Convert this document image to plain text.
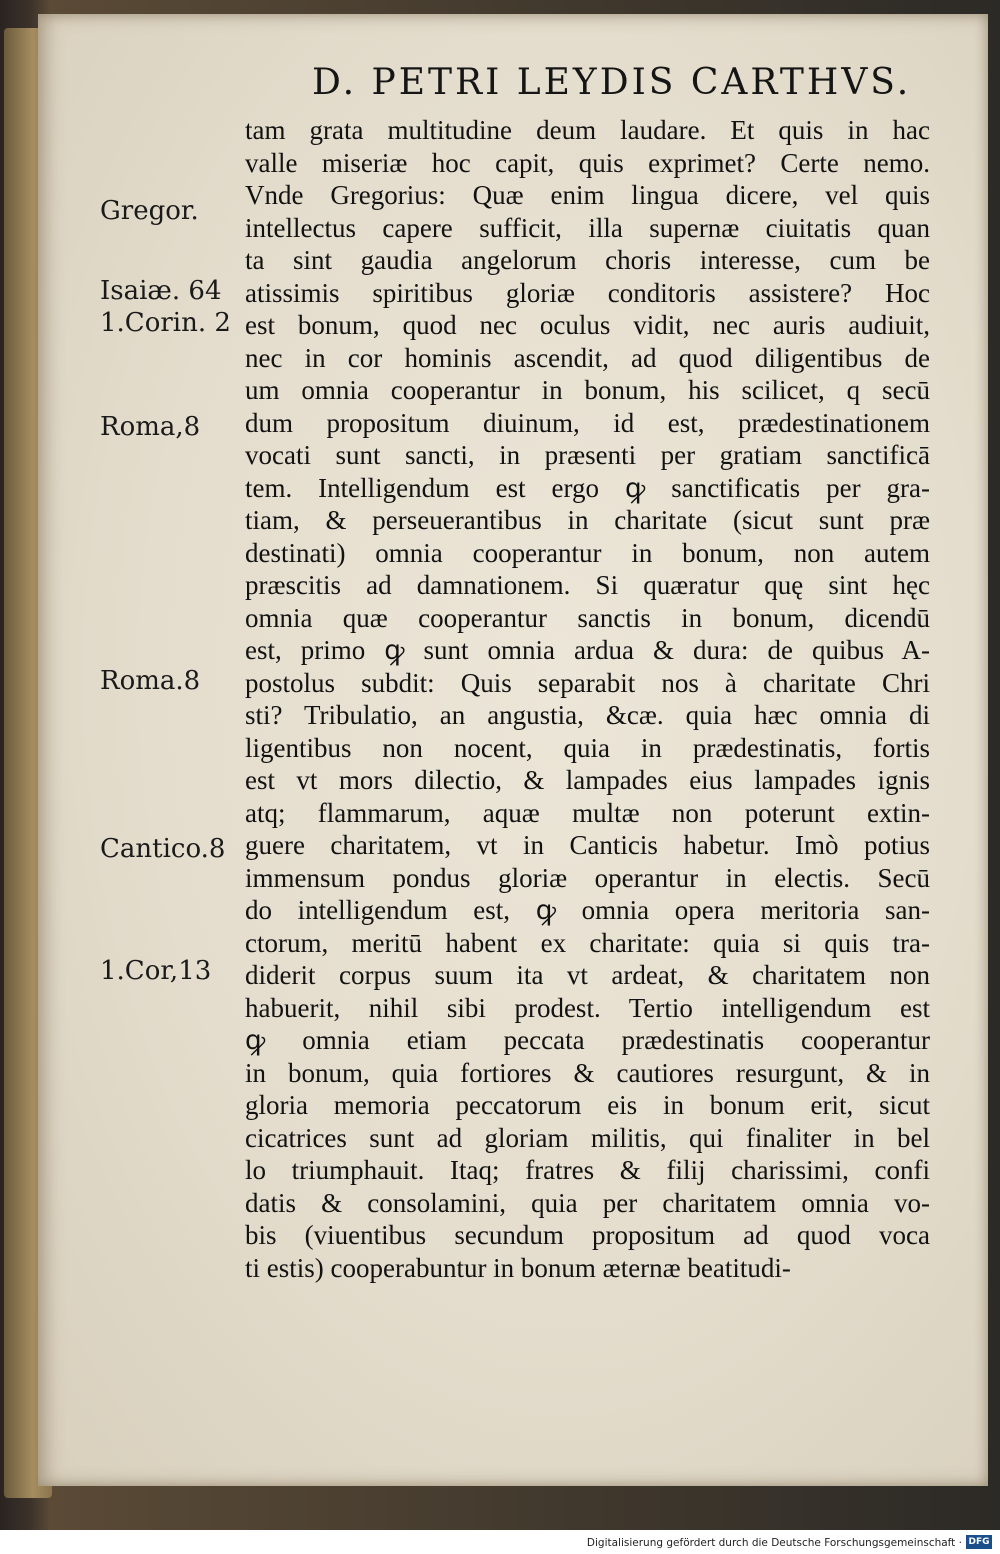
D. PETRI LEYDIS CARTHVS.
Gregor.
Isaiæ. 64
1.Corin. 2
Roma,8
Roma.8
Cantico.8
1.Cor,13
tam grata multitudine deum laudare. Et quis in hac
valle miseriæ hoc capit, quis exprimet? Certe nemo.
Vnde Gregorius: Quæ enim lingua dicere, vel quis
intellectus capere sufficit, illa supernæ ciuitatis quan
ta sint gaudia angelorum choris interesse, cum be
atissimis spiritibus gloriæ conditoris assistere? Hoc
est bonum, quod nec oculus vidit, nec auris audiuit,
nec in cor hominis ascendit, ad quod diligentibus de
um omnia cooperantur in bonum, his scilicet, q secū
dum propositum diuinum, id est, prædestinationem
vocati sunt sancti, in præsenti per gratiam sanctificā
tem. Intelligendum est ergo ꝙ sanctificatis per gra-
tiam, & perseuerantibus in charitate (sicut sunt præ
destinati) omnia cooperantur in bonum, non autem
præscitis ad damnationem. Si quæratur quę sint hęc
omnia quæ cooperantur sanctis in bonum, dicendū
est, primo ꝙ sunt omnia ardua & dura: de quibus A-
postolus subdit: Quis separabit nos à charitate Chri
sti? Tribulatio, an angustia, &cæ. quia hæc omnia di
ligentibus non nocent, quia in prædestinatis, fortis
est vt mors dilectio, & lampades eius lampades ignis
atq; flammarum, aquæ multæ non poterunt extin-
guere charitatem, vt in Canticis habetur. Imò potius
immensum pondus gloriæ operantur in electis. Secū
do intelligendum est, ꝙ omnia opera meritoria san-
ctorum, meritū habent ex charitate: quia si quis tra-
diderit corpus suum ita vt ardeat, & charitatem non
habuerit, nihil sibi prodest. Tertio intelligendum est
ꝙ omnia etiam peccata prædestinatis cooperantur
in bonum, quia fortiores & cautiores resurgunt, & in
gloria memoria peccatorum eis in bonum erit, sicut
cicatrices sunt ad gloriam militis, qui finaliter in bel
lo triumphauit. Itaq; fratres & filij charissimi, confi
datis & consolamini, quia per charitatem omnia vo-
bis (viuentibus secundum propositum ad quod voca
ti estis) cooperabuntur in bonum æternæ beatitudi-
Digitalisierung gefördert durch die Deutsche Forschungsgemeinschaft · DFG
